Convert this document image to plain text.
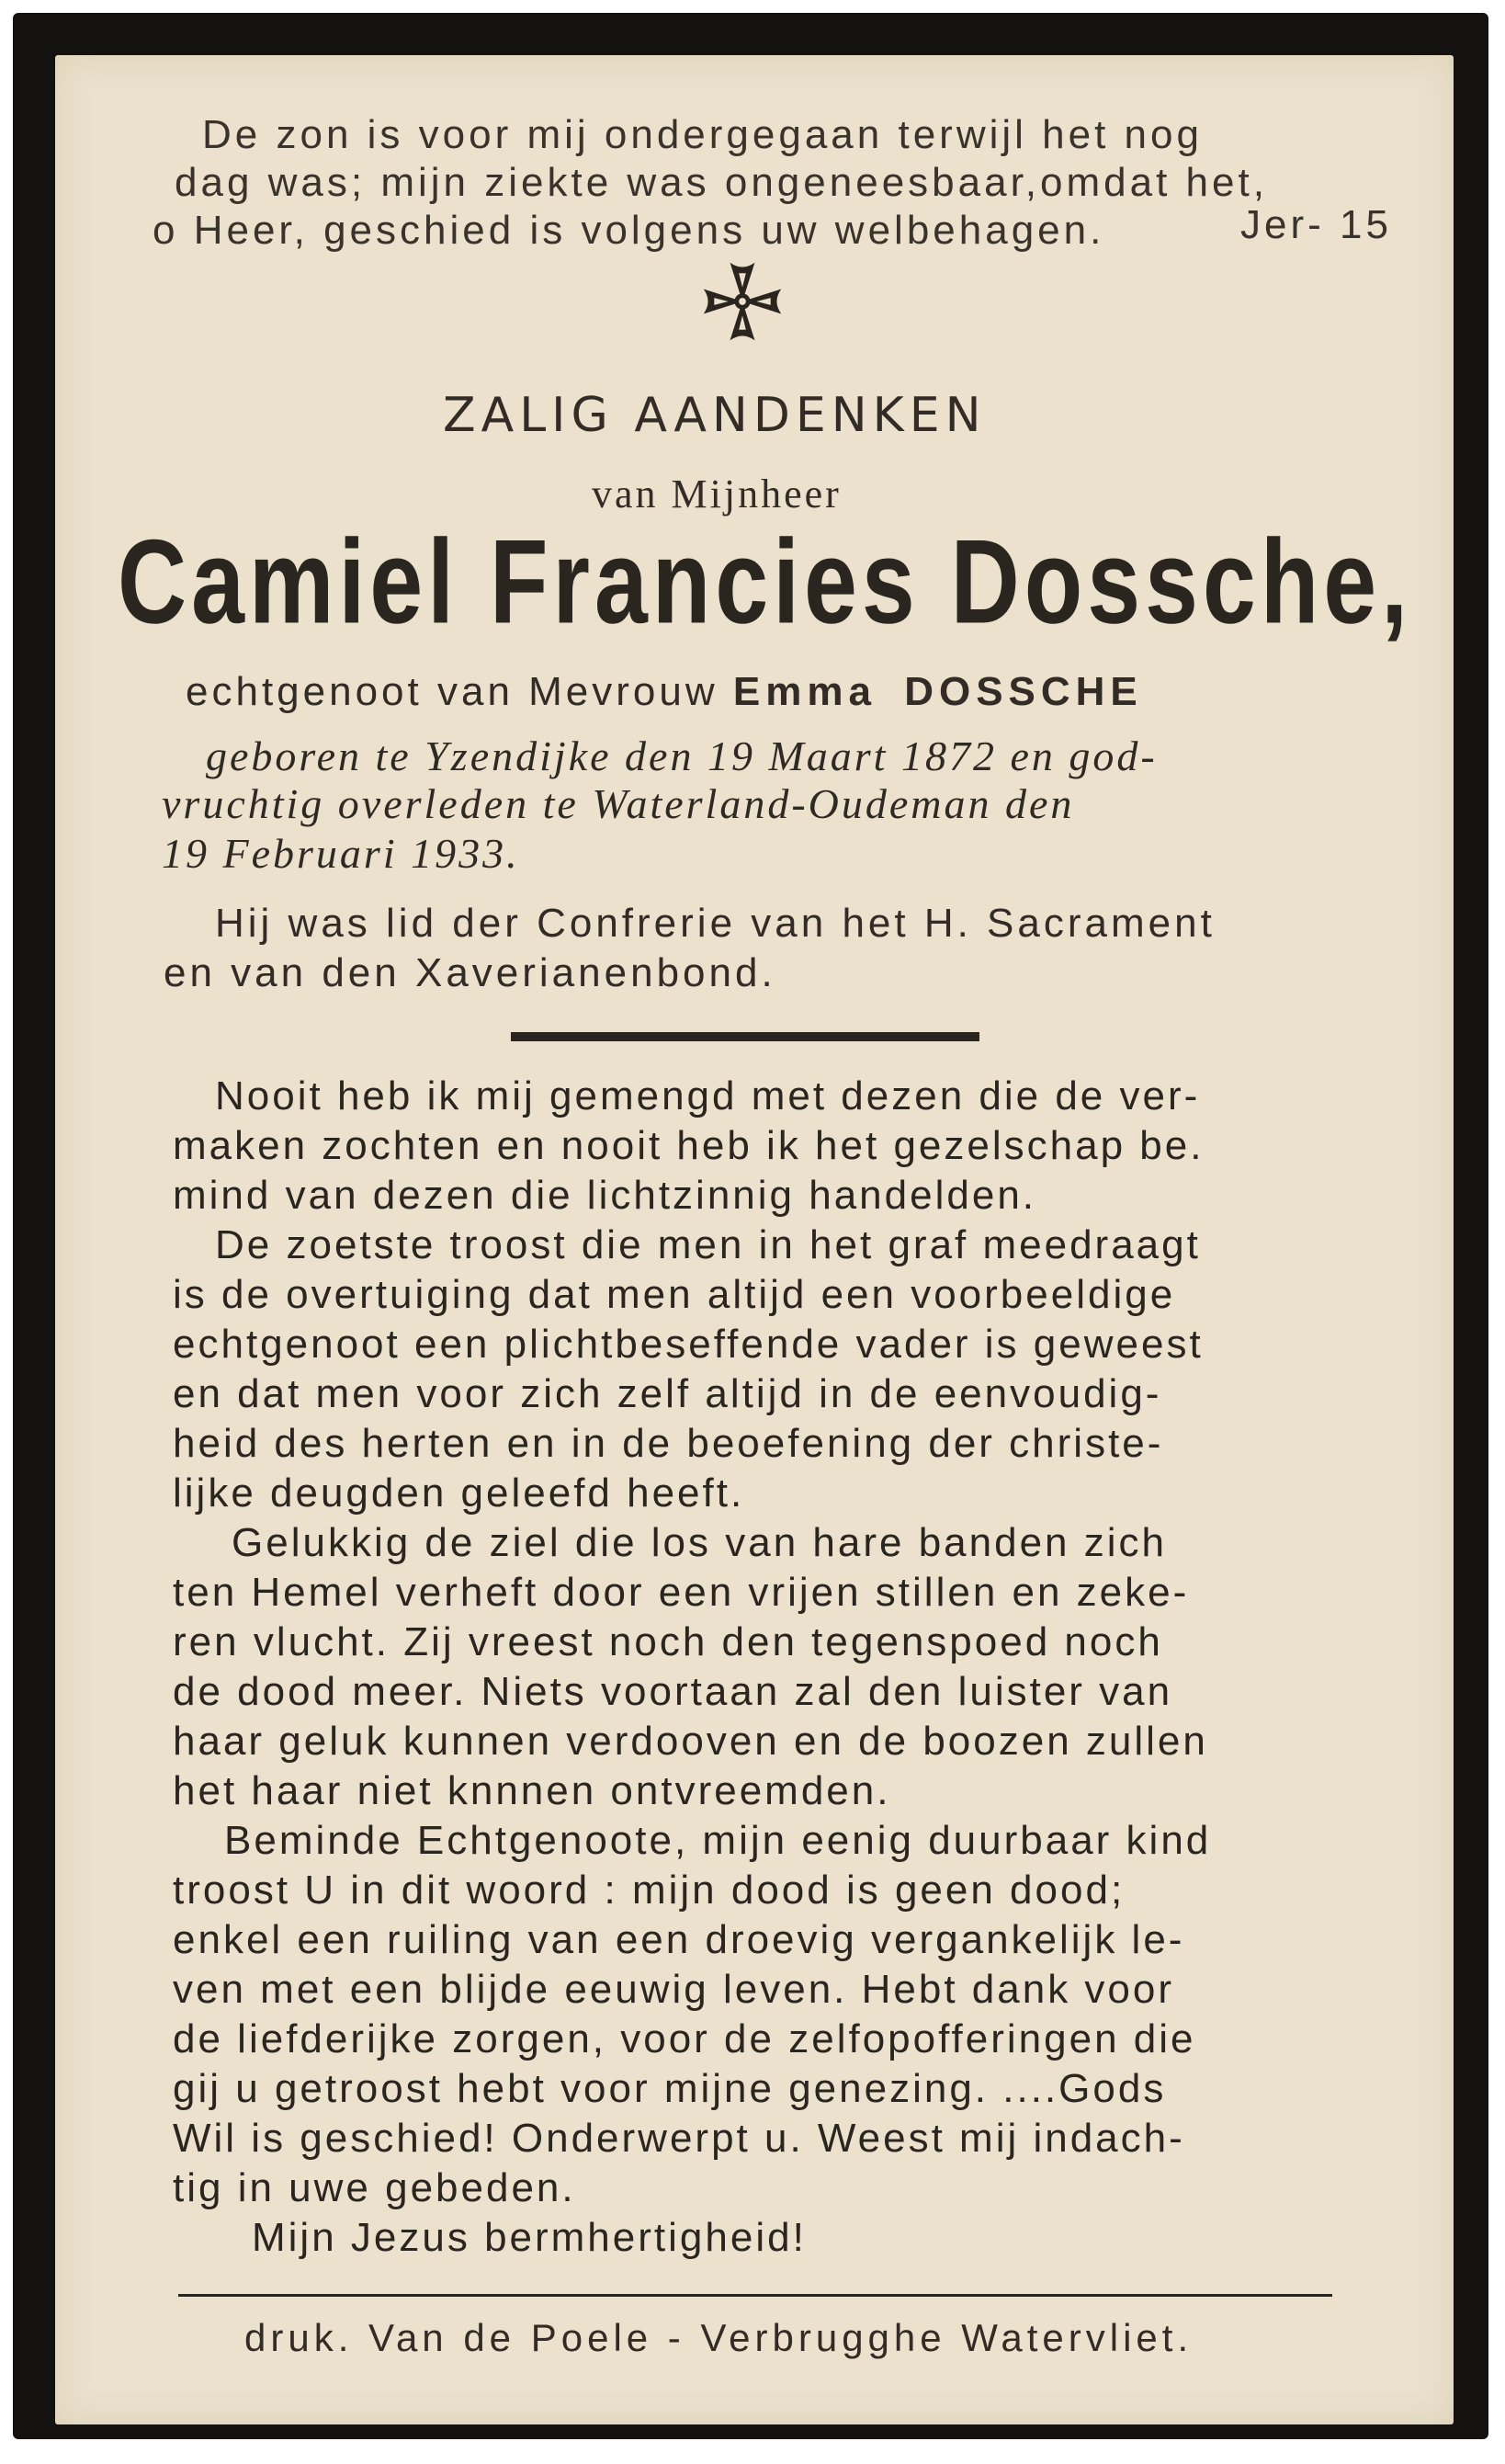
De zon is voor mij ondergegaan terwijl het nog

dag was; mijn ziekte was ongeneesbaar,omdat het,

o Heer, geschied is volgens uw welbehagen.	Jer- 15

ZALIG AANDENKEN

van Mijnheer

Camiel Francies Dossche,

echtgenoot van Mevrouw Emma DOSSCHE

geboren te Yzendijke den 19 Maart 1872 en god-

vruchtig overleden te Waterland-Oudeman den

19 Februari 1933.

Hij was lid der Confrerie van het H. Sacrament

en van den Xaverianenbond.

Nooit heb ik mij gemengd met dezen die de ver-

maken zochten en nooit heb ik het gezelschap be.

mind van dezen die lichtzinnig handelden.

De zoetste troost die men in het graf meedraagt

is de overtuiging dat men altijd een voorbeeldige

echtgenoot een plichtbeseffende vader is geweest

en dat men voor zich zelf altijd in de eenvoudig-

heid des herten en in de beoefening der christe-

lijke deugden geleefd heeft.

Gelukkig de ziel die los van hare banden zich

ten Hemel verheft door een vrijen stillen en zeke-

ren vlucht. Zij vreest noch den tegenspoed noch

de dood meer. Niets voortaan zal den luister van

haar geluk kunnen verdooven en de boozen zullen

het haar niet knnnen ontvreemden.

Beminde Echtgenoote, mijn eenig duurbaar kind

troost U in dit woord : mijn dood is geen dood;

enkel een ruiling van een droevig vergankelijk le-

ven met een blijde eeuwig leven. Hebt dank voor

de liefderijke zorgen, voor de zelfopofferingen die

gij u getroost hebt voor mijne genezing. ....Gods

Wil is geschied! Onderwerpt u. Weest mij indach-

tig in uwe gebeden.

Mijn Jezus bermhertigheid!

druk. Van de Poele - Verbrugghe Watervliet.
